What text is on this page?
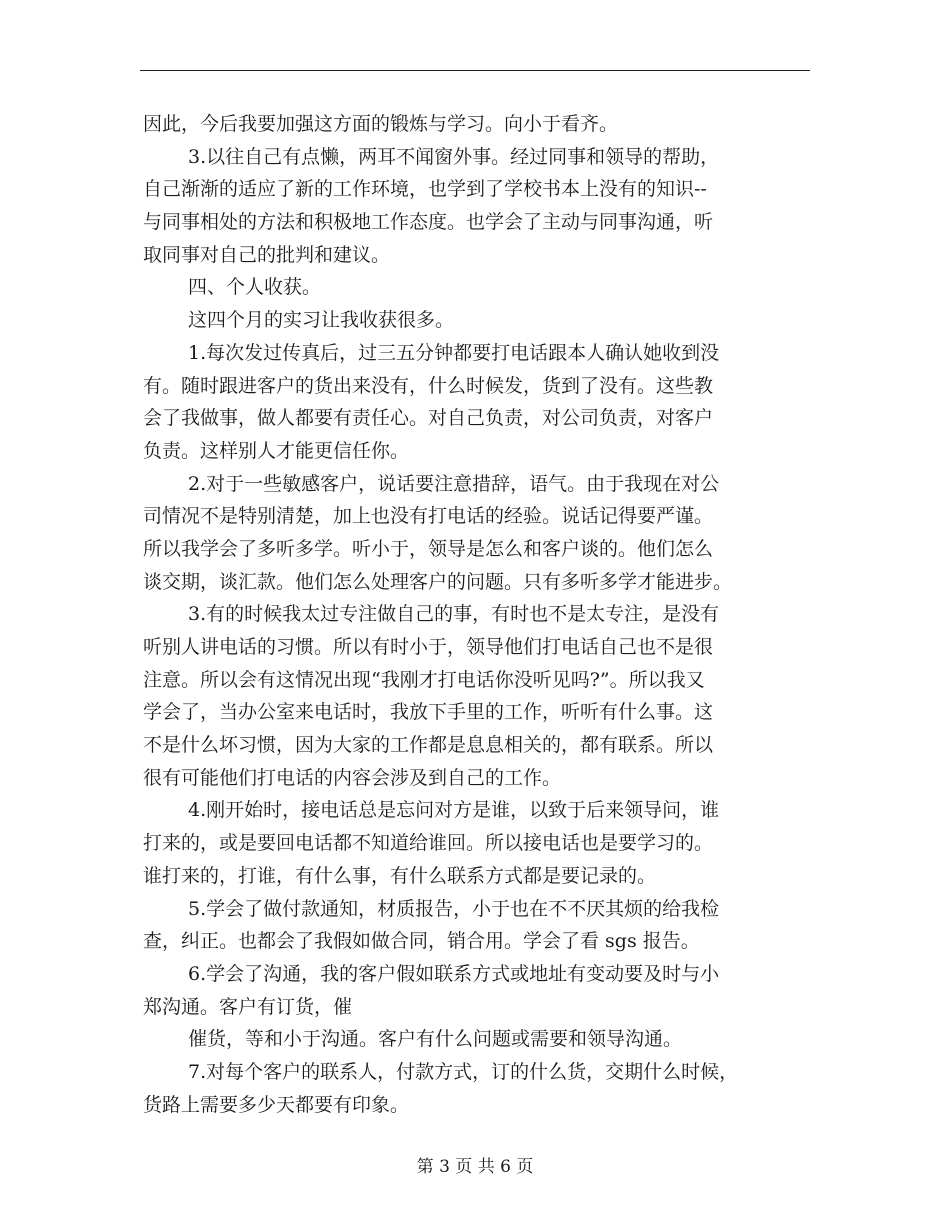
因此，今后我要加强这方面的锻炼与学习。向小于看齐。
3.以往自己有点懒，两耳不闻窗外事。经过同事和领导的帮助，
自己渐渐的适应了新的工作环境，也学到了学校书本上没有的知识--
与同事相处的方法和积极地工作态度。也学会了主动与同事沟通，听
取同事对自己的批判和建议。
四、个人收获。
这四个月的实习让我收获很多。
1.每次发过传真后，过三五分钟都要打电话跟本人确认她收到没
有。随时跟进客户的货出来没有，什么时候发，货到了没有。这些教
会了我做事，做人都要有责任心。对自己负责，对公司负责，对客户
负责。这样别人才能更信任你。
2.对于一些敏感客户，说话要注意措辞，语气。由于我现在对公
司情况不是特别清楚，加上也没有打电话的经验。说话记得要严谨。
所以我学会了多听多学。听小于，领导是怎么和客户谈的。他们怎么
谈交期，谈汇款。他们怎么处理客户的问题。只有多听多学才能进步。
3.有的时候我太过专注做自己的事，有时也不是太专注，是没有
听别人讲电话的习惯。所以有时小于，领导他们打电话自己也不是很
注意。所以会有这情况出现“我刚才打电话你没听见吗?”。所以我又
学会了，当办公室来电话时，我放下手里的工作，听听有什么事。这
不是什么坏习惯，因为大家的工作都是息息相关的，都有联系。所以
很有可能他们打电话的内容会涉及到自己的工作。
4.刚开始时，接电话总是忘问对方是谁，以致于后来领导问，谁
打来的，或是要回电话都不知道给谁回。所以接电话也是要学习的。
谁打来的，打谁，有什么事，有什么联系方式都是要记录的。
5.学会了做付款通知，材质报告，小于也在不不厌其烦的给我检
查，纠正。也都会了我假如做合同，销合用。学会了看 sgs 报告。
6.学会了沟通，我的客户假如联系方式或地址有变动要及时与小
郑沟通。客户有订货，催
催货，等和小于沟通。客户有什么问题或需要和领导沟通。
7.对每个客户的联系人，付款方式，订的什么货，交期什么时候，
货路上需要多少天都要有印象。
第 3 页 共 6 页
